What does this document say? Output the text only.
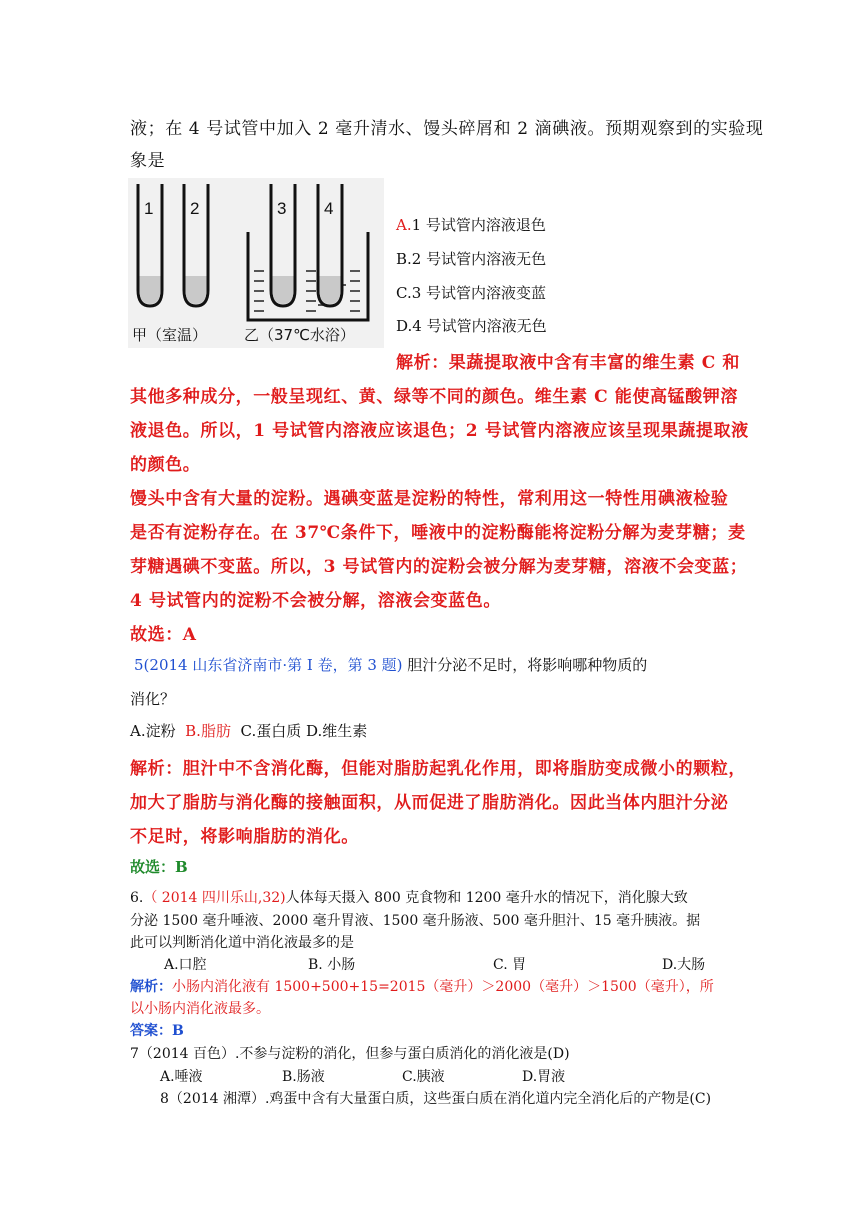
液；在 4 号试管中加入 2 毫升清水、馒头碎屑和 2 滴碘液。预期观察到的实验现
象是
1 2	3 4
甲（室温） 乙（37℃水浴）
A.1 号试管内溶液退色
B.2 号试管内溶液无色
C.3 号试管内溶液变蓝
D.4 号试管内溶液无色
解析：果蔬提取液中含有丰富的维生素 C 和
其他多种成分，一般呈现红、黄、绿等不同的颜色。维生素 C 能使高锰酸钾溶
液退色。所以，1 号试管内溶液应该退色；2 号试管内溶液应该呈现果蔬提取液
的颜色。
馒头中含有大量的淀粉。遇碘变蓝是淀粉的特性，常利用这一特性用碘液检验
是否有淀粉存在。在 37℃条件下，唾液中的淀粉酶能将淀粉分解为麦芽糖；麦
芽糖遇碘不变蓝。所以，3 号试管内的淀粉会被分解为麦芽糖，溶液不会变蓝；
4 号试管内的淀粉不会被分解，溶液会变蓝色。
故选：A
5(2014 山东省济南市·第 I 卷，第 3 题) 胆汁分泌不足时，将影响哪种物质的
消化？
A.淀粉 B.脂肪 C.蛋白质 D.维生素
解析：胆汁中不含消化酶，但能对脂肪起乳化作用，即将脂肪变成微小的颗粒，
加大了脂肪与消化酶的接触面积，从而促进了脂肪消化。因此当体内胆汁分泌
不足时，将影响脂肪的消化。
故选：B
6.（ 2014 四川乐山,32)人体每天摄入 800 克食物和 1200 毫升水的情况下，消化腺大致
分泌 1500 毫升唾液、2000 毫升胃液、1500 毫升肠液、500 毫升胆汁、15 毫升胰液。据
此可以判断消化道中消化液最多的是
A.口腔	B. 小肠	C. 胃	D.大肠
解析：小肠内消化液有 1500+500+15=2015（毫升）＞2000（毫升）＞1500（毫升），所
以小肠内消化液最多。
答案：B
7（2014 百色）.不参与淀粉的消化，但参与蛋白质消化的消化液是(D)
A.唾液	B.肠液	C.胰液	D.胃液
8（2014 湘潭）.鸡蛋中含有大量蛋白质，这些蛋白质在消化道内完全消化后的产物是(C)
